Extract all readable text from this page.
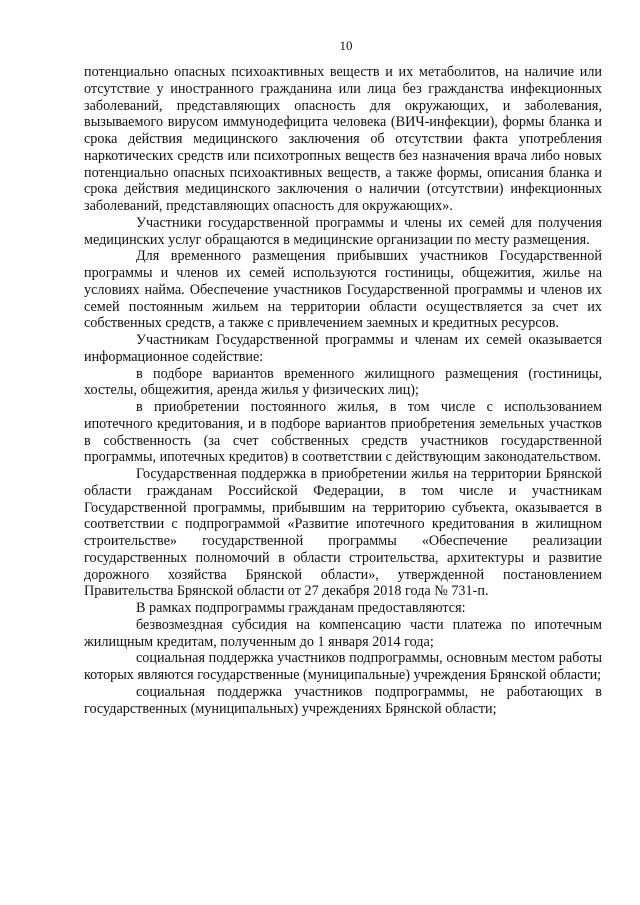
10

потенциально опасных психоактивных веществ и их метаболитов, на наличие или отсутствие у иностранного гражданина или лица без гражданства инфекционных заболеваний, представляющих опасность для окружающих, и заболевания, вызываемого вирусом иммунодефицита человека (ВИЧ-инфекции), формы бланка и срока действия медицинского заключения об отсутствии факта употребления наркотических средств или психотропных веществ без назначения врача либо новых потенциально опасных психоактивных веществ, а также формы, описания бланка и срока действия медицинского заключения о наличии (отсутствии) инфекционных заболеваний, представляющих опасность для окружающих».

Участники государственной программы и члены их семей для получения медицинских услуг обращаются в медицинские организации по месту размещения.

Для временного размещения прибывших участников Государственной программы и членов их семей используются гостиницы, общежития, жилье на условиях найма. Обеспечение участников Государственной программы и членов их семей постоянным жильем на территории области осуществляется за счет их собственных средств, а также с привлечением заемных и кредитных ресурсов.

Участникам Государственной программы и членам их семей оказывается информационное содействие:

в подборе вариантов временного жилищного размещения (гостиницы, хостелы, общежития, аренда жилья у физических лиц);

в приобретении постоянного жилья, в том числе с использованием ипотечного кредитования, и в подборе вариантов приобретения земельных участков в собственность (за счет собственных средств участников государственной программы, ипотечных кредитов) в соответствии с действующим законодательством.

Государственная поддержка в приобретении жилья на территории Брянской области гражданам Российской Федерации, в том числе и участникам Государственной программы, прибывшим на территорию субъекта, оказывается в соответствии с подпрограммой «Развитие ипотечного кредитования в жилищном строительстве» государственной программы «Обеспечение реализации государственных полномочий в области строительства, архитектуры и развитие дорожного хозяйства Брянской области», утвержденной постановлением Правительства Брянской области от 27 декабря 2018 года № 731-п.

В рамках подпрограммы гражданам предоставляются:

безвозмездная субсидия на компенсацию части платежа по ипотечным жилищным кредитам, полученным до 1 января 2014 года;

социальная поддержка участников подпрограммы, основным местом работы которых являются государственные (муниципальные) учреждения Брянской области;

социальная поддержка участников подпрограммы, не работающих в государственных (муниципальных) учреждениях Брянской области;
